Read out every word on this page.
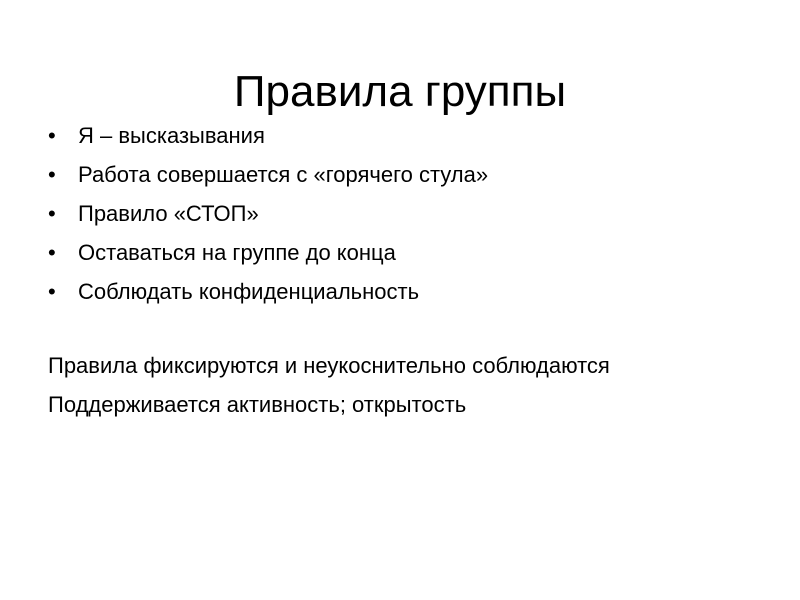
Правила группы
• Я – высказывания
• Работа совершается с «горячего стула»
• Правило «СТОП»
• Оставаться на группе до конца
• Соблюдать конфиденциальность
Правила фиксируются и неукоснительно соблюдаются
Поддерживается активность; открытость
